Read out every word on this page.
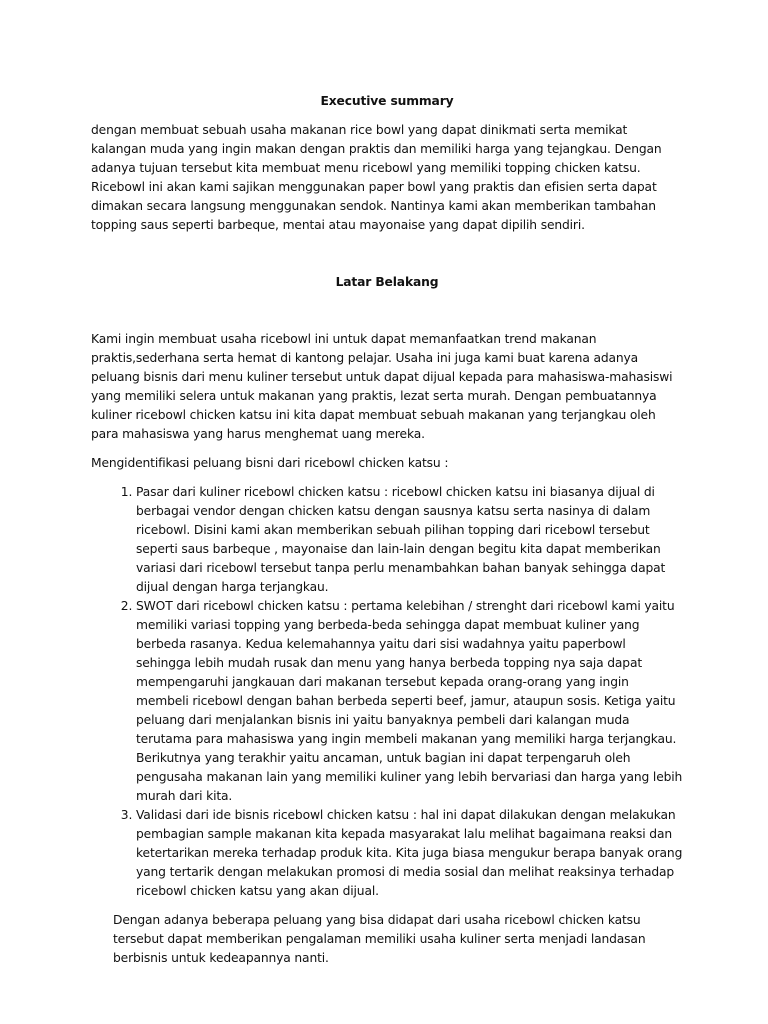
Executive summary

dengan membuat sebuah usaha makanan rice bowl yang dapat dinikmati serta memikat kalangan muda yang ingin makan dengan praktis dan memiliki harga yang tejangkau. Dengan adanya tujuan tersebut kita membuat menu ricebowl yang memiliki topping chicken katsu. Ricebowl ini akan kami sajikan menggunakan paper bowl yang praktis dan efisien serta dapat dimakan secara langsung menggunakan sendok. Nantinya kami akan memberikan tambahan topping saus seperti barbeque, mentai atau mayonaise yang dapat dipilih sendiri.

Latar Belakang

Kami ingin membuat usaha ricebowl ini untuk dapat memanfaatkan trend makanan praktis,sederhana serta hemat di kantong pelajar. Usaha ini juga kami buat karena adanya peluang bisnis dari menu kuliner tersebut untuk dapat dijual kepada para mahasiswa-mahasiswi yang memiliki selera untuk makanan yang praktis, lezat serta murah. Dengan pembuatannya kuliner ricebowl chicken katsu ini kita dapat membuat sebuah makanan yang terjangkau oleh para mahasiswa yang harus menghemat uang mereka.

Mengidentifikasi peluang bisni dari ricebowl chicken katsu :

1. Pasar dari kuliner ricebowl chicken katsu : ricebowl chicken katsu ini biasanya dijual di berbagai vendor dengan chicken katsu dengan sausnya katsu serta nasinya di dalam ricebowl. Disini kami akan memberikan sebuah pilihan topping dari ricebowl tersebut seperti saus barbeque , mayonaise dan lain-lain dengan begitu kita dapat memberikan variasi dari ricebowl tersebut tanpa perlu menambahkan bahan banyak sehingga dapat dijual dengan harga terjangkau.
2. SWOT dari ricebowl chicken katsu : pertama kelebihan / strenght dari ricebowl kami yaitu memiliki variasi topping yang berbeda-beda sehingga dapat membuat kuliner yang berbeda rasanya. Kedua kelemahannya yaitu dari sisi wadahnya yaitu paperbowl sehingga lebih mudah rusak dan menu yang hanya berbeda topping nya saja dapat mempengaruhi jangkauan dari makanan tersebut kepada orang-orang yang ingin membeli ricebowl dengan bahan berbeda seperti beef, jamur, ataupun sosis. Ketiga yaitu peluang dari menjalankan bisnis ini yaitu banyaknya pembeli dari kalangan muda terutama para mahasiswa yang ingin membeli makanan yang memiliki harga terjangkau. Berikutnya yang terakhir yaitu ancaman, untuk bagian ini dapat terpengaruh oleh pengusaha makanan lain yang memiliki kuliner yang lebih bervariasi dan harga yang lebih murah dari kita.
3. Validasi dari ide bisnis ricebowl chicken katsu : hal ini dapat dilakukan dengan melakukan pembagian sample makanan kita kepada masyarakat lalu melihat bagaimana reaksi dan ketertarikan mereka terhadap produk kita. Kita juga biasa mengukur berapa banyak orang yang tertarik dengan melakukan promosi di media sosial dan melihat reaksinya terhadap ricebowl chicken katsu yang akan dijual.

Dengan adanya beberapa peluang yang bisa didapat dari usaha ricebowl chicken katsu tersebut dapat memberikan pengalaman memiliki usaha kuliner serta menjadi landasan berbisnis untuk kedeapannya nanti.
